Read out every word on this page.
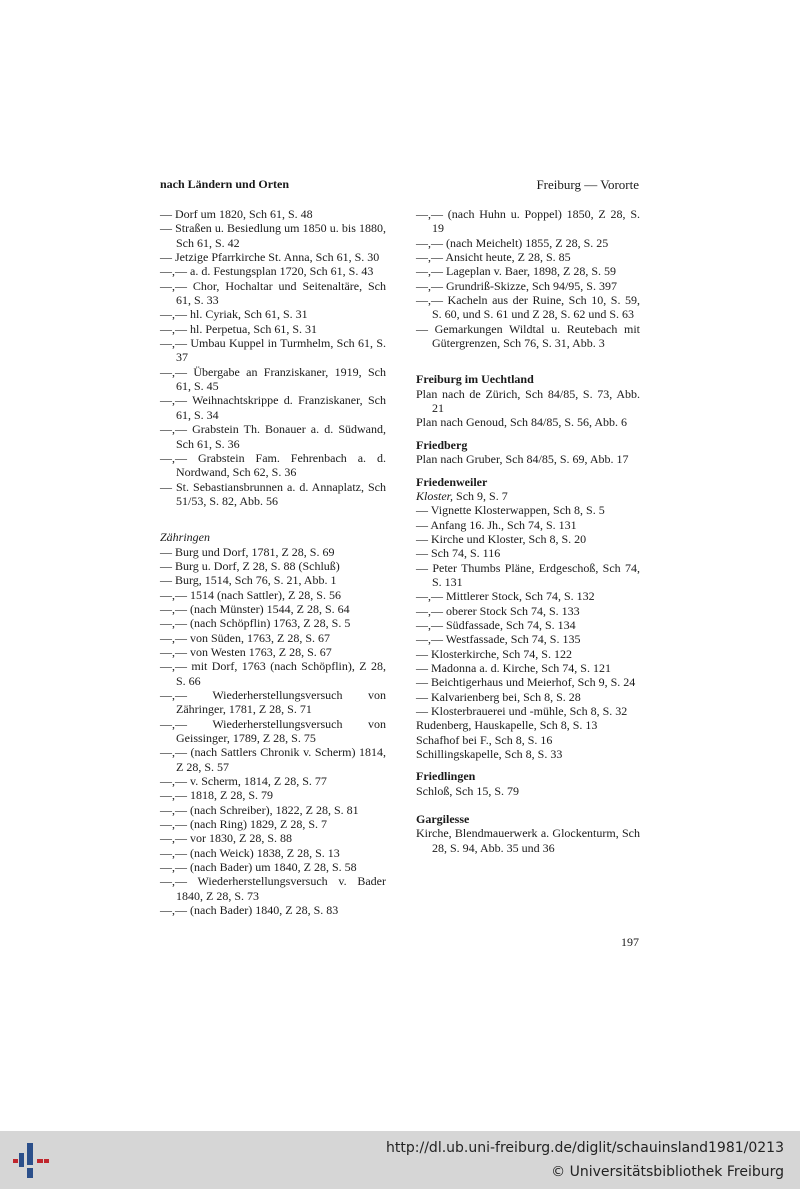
nach Ländern und Orten	Freiburg — Vororte

— Dorf um 1820, Sch 61, S. 48

— Straßen u. Besiedlung um 1850 u. bis 1880, Sch 61, S. 42

— Jetzige Pfarrkirche St. Anna, Sch 61, S. 30

—,— a. d. Festungsplan 1720, Sch 61, S. 43

—,— Chor, Hochaltar und Seitenaltäre, Sch 61, S. 33

—,— hl. Cyriak, Sch 61, S. 31

—,— hl. Perpetua, Sch 61, S. 31

—,— Umbau Kuppel in Turmhelm, Sch 61, S. 37

—,— Übergabe an Franziskaner, 1919, Sch 61, S. 45

—,— Weihnachtskrippe d. Franziskaner, Sch 61, S. 34

—,— Grabstein Th. Bonauer a. d. Südwand, Sch 61, S. 36

—,— Grabstein Fam. Fehrenbach a. d. Nordwand, Sch 62, S. 36

— St. Sebastiansbrunnen a. d. Annaplatz, Sch 51/53, S. 82, Abb. 56

Zähringen

— Burg und Dorf, 1781, Z 28, S. 69

— Burg u. Dorf, Z 28, S. 88 (Schluß)

— Burg, 1514, Sch 76, S. 21, Abb. 1

—,— 1514 (nach Sattler), Z 28, S. 56

—,— (nach Münster) 1544, Z 28, S. 64

—,— (nach Schöpflin) 1763, Z 28, S. 5

—,— von Süden, 1763, Z 28, S. 67

—,— von Westen 1763, Z 28, S. 67

—,— mit Dorf, 1763 (nach Schöpflin), Z 28, S. 66

—,— Wiederherstellungsversuch von Zähringer, 1781, Z 28, S. 71

—,— Wiederherstellungsversuch von Geissinger, 1789, Z 28, S. 75

—,— (nach Sattlers Chronik v. Scherm) 1814, Z 28, S. 57

—,— v. Scherm, 1814, Z 28, S. 77

—,— 1818, Z 28, S. 79

—,— (nach Schreiber), 1822, Z 28, S. 81

—,— (nach Ring) 1829, Z 28, S. 7

—,— vor 1830, Z 28, S. 88

—,— (nach Weick) 1838, Z 28, S. 13

—,— (nach Bader) um 1840, Z 28, S. 58

—,— Wiederherstellungsversuch v. Bader 1840, Z 28, S. 73

—,— (nach Bader) 1840, Z 28, S. 83

—,— (nach Huhn u. Poppel) 1850, Z 28, S. 19

—,— (nach Meichelt) 1855, Z 28, S. 25

—,— Ansicht heute, Z 28, S. 85

—,— Lageplan v. Baer, 1898, Z 28, S. 59

—,— Grundriß-Skizze, Sch 94/95, S. 397

—,— Kacheln aus der Ruine, Sch 10, S. 59, S. 60, und S. 61 und Z 28, S. 62 und S. 63

— Gemarkungen Wildtal u. Reutebach mit Gütergrenzen, Sch 76, S. 31, Abb. 3

Freiburg im Uechtland

Plan nach de Zürich, Sch 84/85, S. 73, Abb. 21

Plan nach Genoud, Sch 84/85, S. 56, Abb. 6

Friedberg

Plan nach Gruber, Sch 84/85, S. 69, Abb. 17

Friedenweiler

Kloster, Sch 9, S. 7

— Vignette Klosterwappen, Sch 8, S. 5

— Anfang 16. Jh., Sch 74, S. 131

— Kirche und Kloster, Sch 8, S. 20

— Sch 74, S. 116

— Peter Thumbs Pläne, Erdgeschoß, Sch 74, S. 131

—,— Mittlerer Stock, Sch 74, S. 132

—,— oberer Stock Sch 74, S. 133

—,— Südfassade, Sch 74, S. 134

—,— Westfassade, Sch 74, S. 135

— Klosterkirche, Sch 74, S. 122

— Madonna a. d. Kirche, Sch 74, S. 121

— Beichtigerhaus und Meierhof, Sch 9, S. 24

— Kalvarienberg bei, Sch 8, S. 28

— Klosterbrauerei und -mühle, Sch 8, S. 32

Rudenberg, Hauskapelle, Sch 8, S. 13

Schafhof bei F., Sch 8, S. 16

Schillingskapelle, Sch 8, S. 33

Friedlingen

Schloß, Sch 15, S. 79

Gargilesse

Kirche, Blendmauerwerk a. Glockenturm, Sch 28, S. 94, Abb. 35 und 36

197
http://dl.ub.uni-freiburg.de/diglit/schauinsland1981/0213
© Universitätsbibliothek Freiburg
